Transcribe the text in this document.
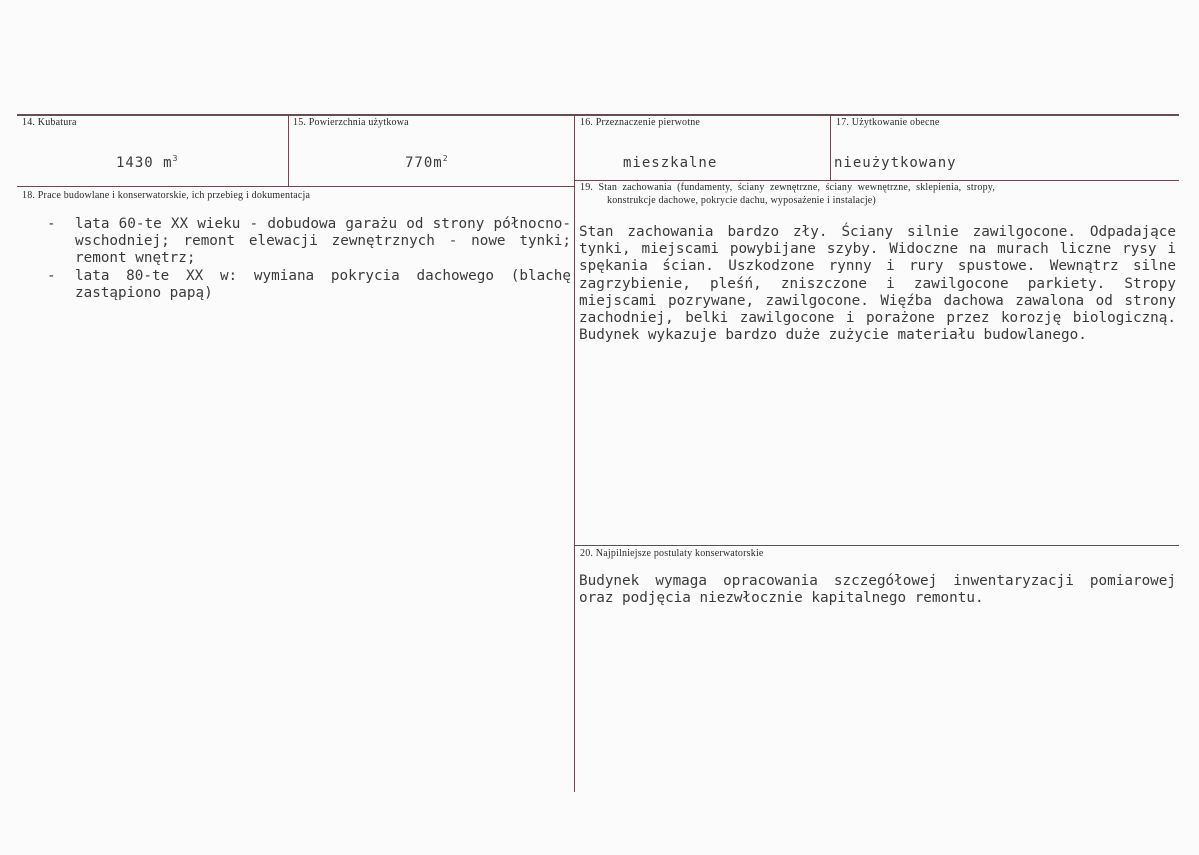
14. Kubatura
1430 $m^3$
15. Powierzchnia użytkowa
$770m^2$
16. Przeznaczenie pierwotne
mieszkalne
17. Użytkowanie obecne
nieużytkowany
18. Prace budowlane i konserwatorskie, ich przebieg i dokumentacja
- lata 60-te XX wieku - dobudowa garażu od strony północno-wschodniej; remont elewacji zewnętrznych - nowe tynki; remont wnętrz;
- lata 80-te XX w: wymiana pokrycia dachowego (blachę zastąpiono papą)
19.  Stan  zachowania  (fundamenty,  ściany  zewnętrzne,  ściany  wewnętrzne,  sklepienia,  stropy,
konstrukcje dachowe, pokrycie dachu, wyposażenie i instalacje)
Stan zachowania bardzo zły. Ściany silnie zawilgocone. Odpadające tynki, miejscami powybijane szyby. Widoczne na murach liczne rysy i spękania ścian. Uszkodzone rynny i rury spustowe. Wewnątrz silne zagrzybienie, pleśń, zniszczone i zawilgocone parkiety. Stropy miejscami pozrywane, zawilgocone. Więźba dachowa zawalona od strony zachodniej, belki zawilgocone i porażone przez korozję biologiczną. Budynek wykazuje bardzo duże zużycie materiału budowlanego.
20. Najpilniejsze postulaty konserwatorskie
Budynek wymaga opracowania szczegółowej inwentaryzacji pomiarowej oraz podjęcia niezwłocznie kapitalnego remontu.
